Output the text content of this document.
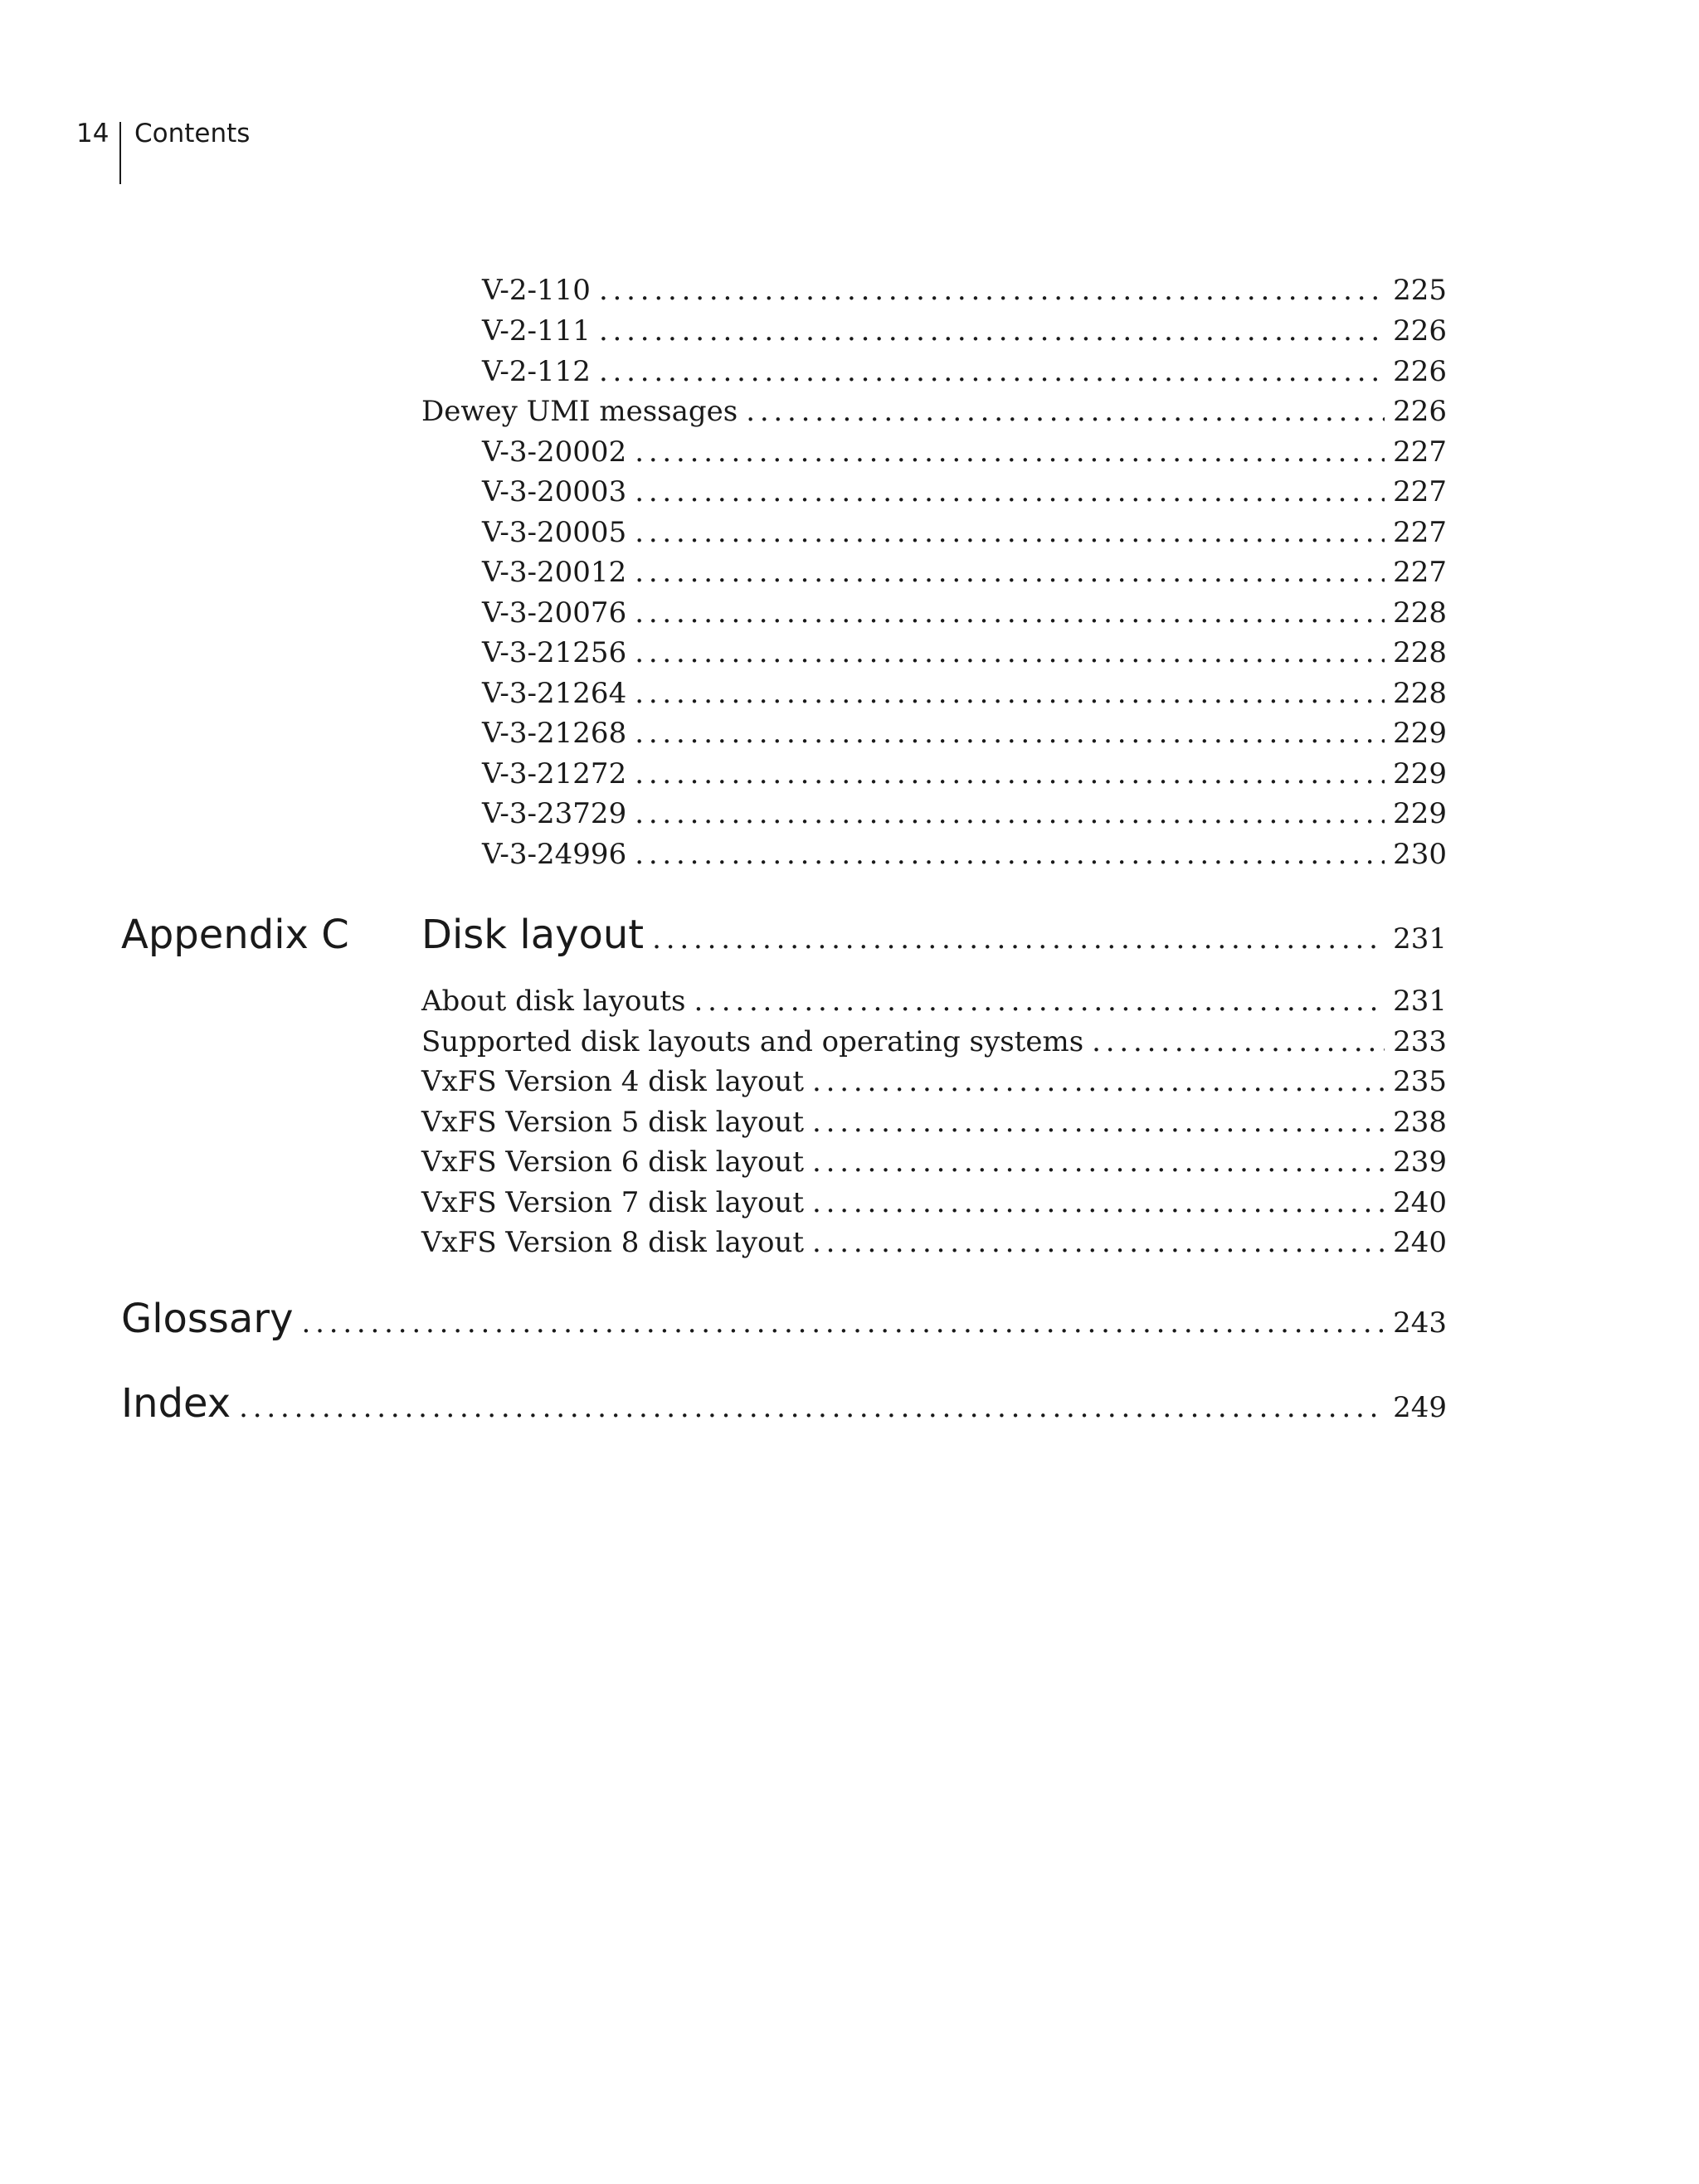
14 Contents
V-2-110 . . .	225
V-2-111 . . .	226
V-2-112 . . .	226
Dewey UMI messages . . .	226
V-3-20002 . . .	227
V-3-20003 . . .	227
V-3-20005 . . .	227
V-3-20012 . . .	227
V-3-20076 . . .	228
V-3-21256 . . .	228
V-3-21264 . . .	228
V-3-21268 . . .	229
V-3-21272 . . .	229
V-3-23729 . . .	229
V-3-24996 . . .	230
Appendix C Disk layout . . .	231
About disk layouts . . .	231
Supported disk layouts and operating systems . . .	233
VxFS Version 4 disk layout . . .	235
VxFS Version 5 disk layout . . .	238
VxFS Version 6 disk layout . . .	239
VxFS Version 7 disk layout . . .	240
VxFS Version 8 disk layout . . .	240
Glossary . . .	243
Index . . .	249
